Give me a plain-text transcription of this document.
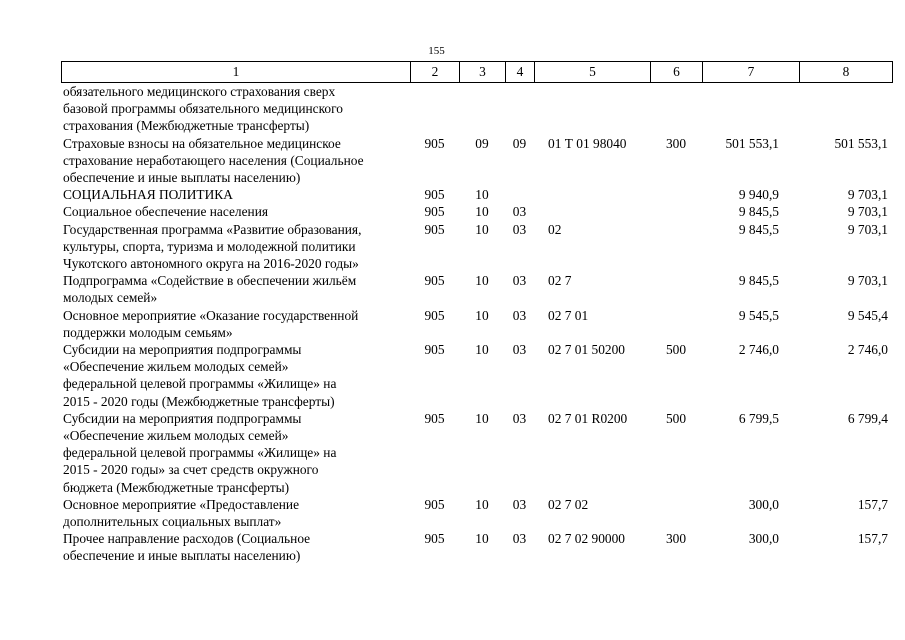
155
1	2	3	4	5	6	7	8
обязательного медицинского страхования сверх
базовой программы обязательного медицинского
страхования (Межбюджетные трансферты)							

Страховые взносы на обязательное медицинское
страхование неработающего населения (Социальное
обеспечение и иные выплаты населению)	905	09	09	01 Т 01 98040	300	501 553,1	501 553,1

СОЦИАЛЬНАЯ ПОЛИТИКА	905	10				9 940,9	9 703,1

Социальное обеспечение населения	905	10	03			9 845,5	9 703,1

Государственная программа «Развитие образования,
культуры, спорта, туризма и молодежной политики
Чукотского автономного округа на 2016-2020 годы»	905	10	03	02		9 845,5	9 703,1

Подпрограмма «Содействие в обеспечении жильём
молодых семей»	905	10	03	02 7		9 845,5	9 703,1

Основное мероприятие «Оказание государственной
поддержки молодым семьям»	905	10	03	02 7 01		9 545,5	9 545,4

Субсидии на мероприятия подпрограммы
«Обеспечение жильем молодых семей»
федеральной целевой программы «Жилище» на
2015 - 2020 годы (Межбюджетные трансферты)	905	10	03	02 7 01 50200	500	2 746,0	2 746,0

Субсидии на мероприятия подпрограммы
«Обеспечение жильем молодых семей»
федеральной целевой программы «Жилище» на
2015 - 2020 годы» за счет средств окружного
бюджета (Межбюджетные трансферты)	905	10	03	02 7 01 R0200	500	6 799,5	6 799,4

Основное мероприятие «Предоставление
дополнительных социальных выплат»	905	10	03	02 7 02		300,0	157,7

Прочее направление расходов (Социальное
обеспечение и иные выплаты населению)	905	10	03	02 7 02 90000	300	300,0	157,7
